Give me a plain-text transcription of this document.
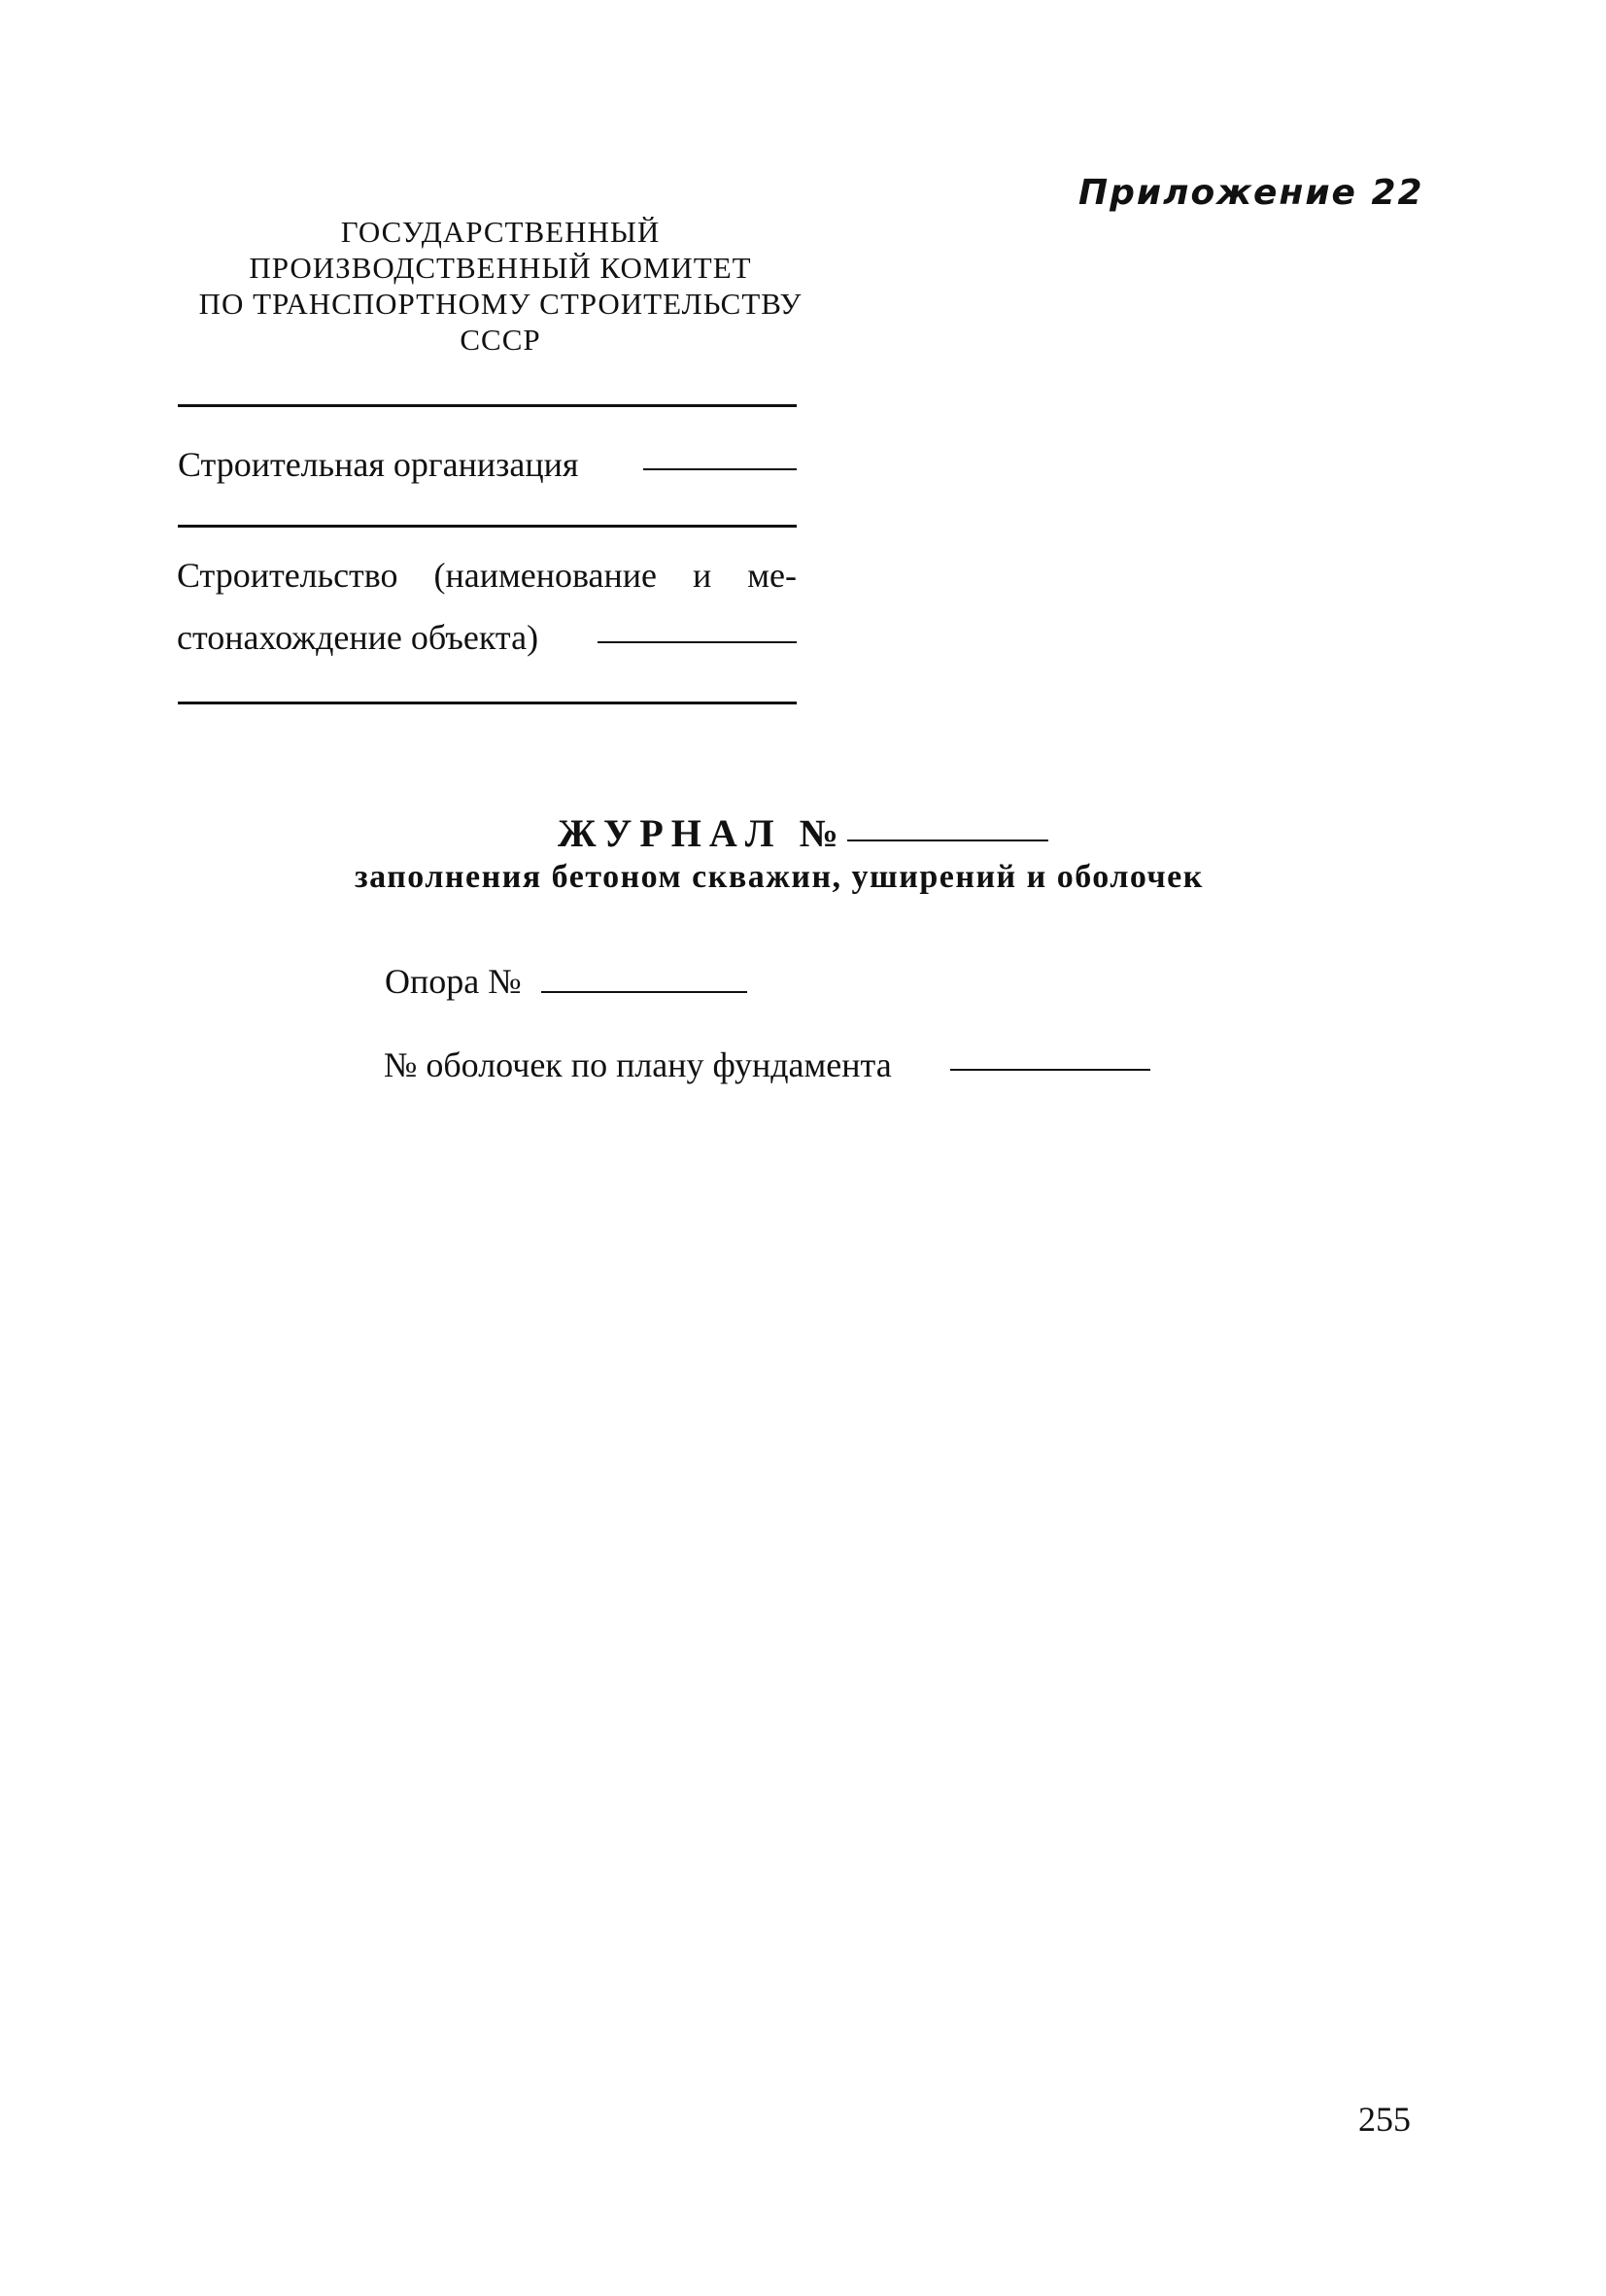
Приложение 22
ГОСУДАРСТВЕННЫЙ
ПРОИЗВОДСТВЕННЫЙ КОМИТЕТ
ПО ТРАНСПОРТНОМУ СТРОИТЕЛЬСТВУ
СССР
Строительная организация
Строительство (наименование и ме-
стонахождение объекта)
ЖУРНАЛ №
заполнения бетоном скважин, уширений и оболочек
Опора №
№ оболочек по плану фундамента
255
